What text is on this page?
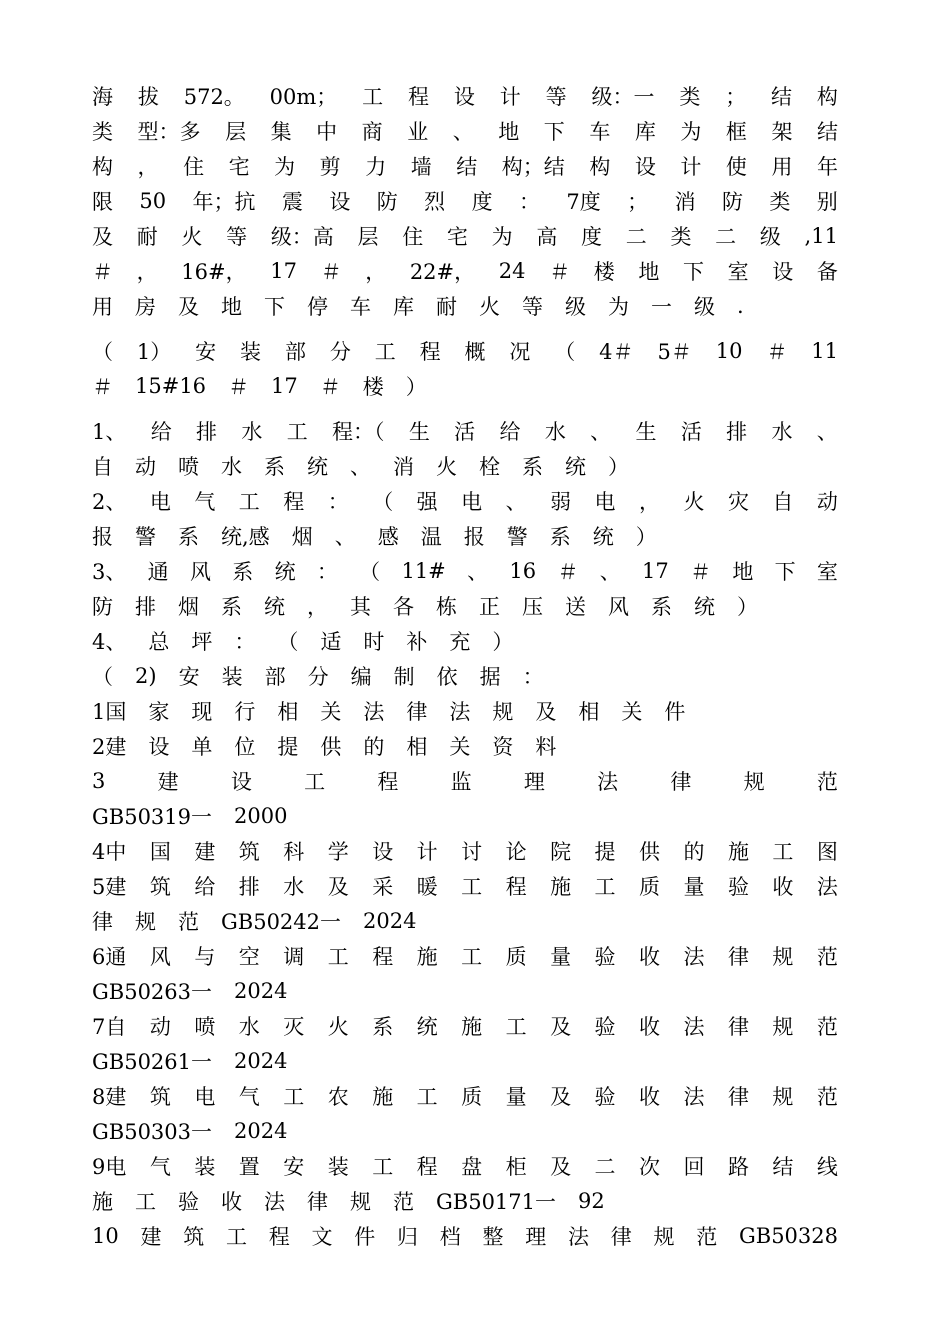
海 拔 572。 00m； 工 程 设 计 等 级：一 类 ； 结 构
类 型：多 层 集 中 商 业 、 地 下 车 库 为 框 架 结
构 ， 住 宅 为 剪 力 墙 结 构；结 构 设 计 使 用 年
限 50 年；抗 震 设 防 烈 度 ： 7度 ； 消 防 类 别
及 耐 火 等 级：高 层 住 宅 为 高 度 二 类 二 级 ,11
＃ ， 16#， 17 ＃ ， 22#， 24 ＃ 楼 地 下 室 设 备
用 房 及 地 下 停 车 库 耐 火 等 级 为 一 级 .
（ 1） 安 装 部 分 工 程 概 况 （ 4＃ 5＃ 10 ＃ 11
＃ 15#16 ＃ 17 ＃ 楼 ）
1、 给 排 水 工 程：（ 生 活 给 水 、 生 活 排 水 、
自 动 喷 水 系 统 、 消 火 栓 系 统 ）
2、 电 气 工 程 ： （ 强 电 、 弱 电 ， 火 灾 自 动
报 警 系 统,感 烟 、 感 温 报 警 系 统 ）
3、 通 风 系 统 ： （ 11# 、 16 ＃ 、 17 ＃ 地 下 室
防 排 烟 系 统 ， 其 各 栋 正 压 送 风 系 统 ）
4、 总 坪 ： （ 适 时 补 充 ）
（ 2) 安 装 部 分 编 制 依 据 ：
1国 家 现 行 相 关 法 律 法 规 及 相 关 件
2建 设 单 位 提 供 的 相 关 资 料
3 建 设 工 程 监 理 法 律 规 范
GB50319一 2000
4中 国 建 筑 科 学 设 计 讨 论 院 提 供 的 施 工 图
5建 筑 给 排 水 及 采 暖 工 程 施 工 质 量 验 收 法
律 规 范 GB50242一 2024
6通 风 与 空 调 工 程 施 工 质 量 验 收 法 律 规 范
GB50263一 2024
7自 动 喷 水 灭 火 系 统 施 工 及 验 收 法 律 规 范
GB50261一 2024
8建 筑 电 气 工 农 施 工 质 量 及 验 收 法 律 规 范
GB50303一 2024
9电 气 装 置 安 装 工 程 盘 柜 及 二 次 回 路 结 线
施 工 验 收 法 律 规 范 GB50171一 92
10 建 筑 工 程 文 件 归 档 整 理 法 律 规 范 GB50328
